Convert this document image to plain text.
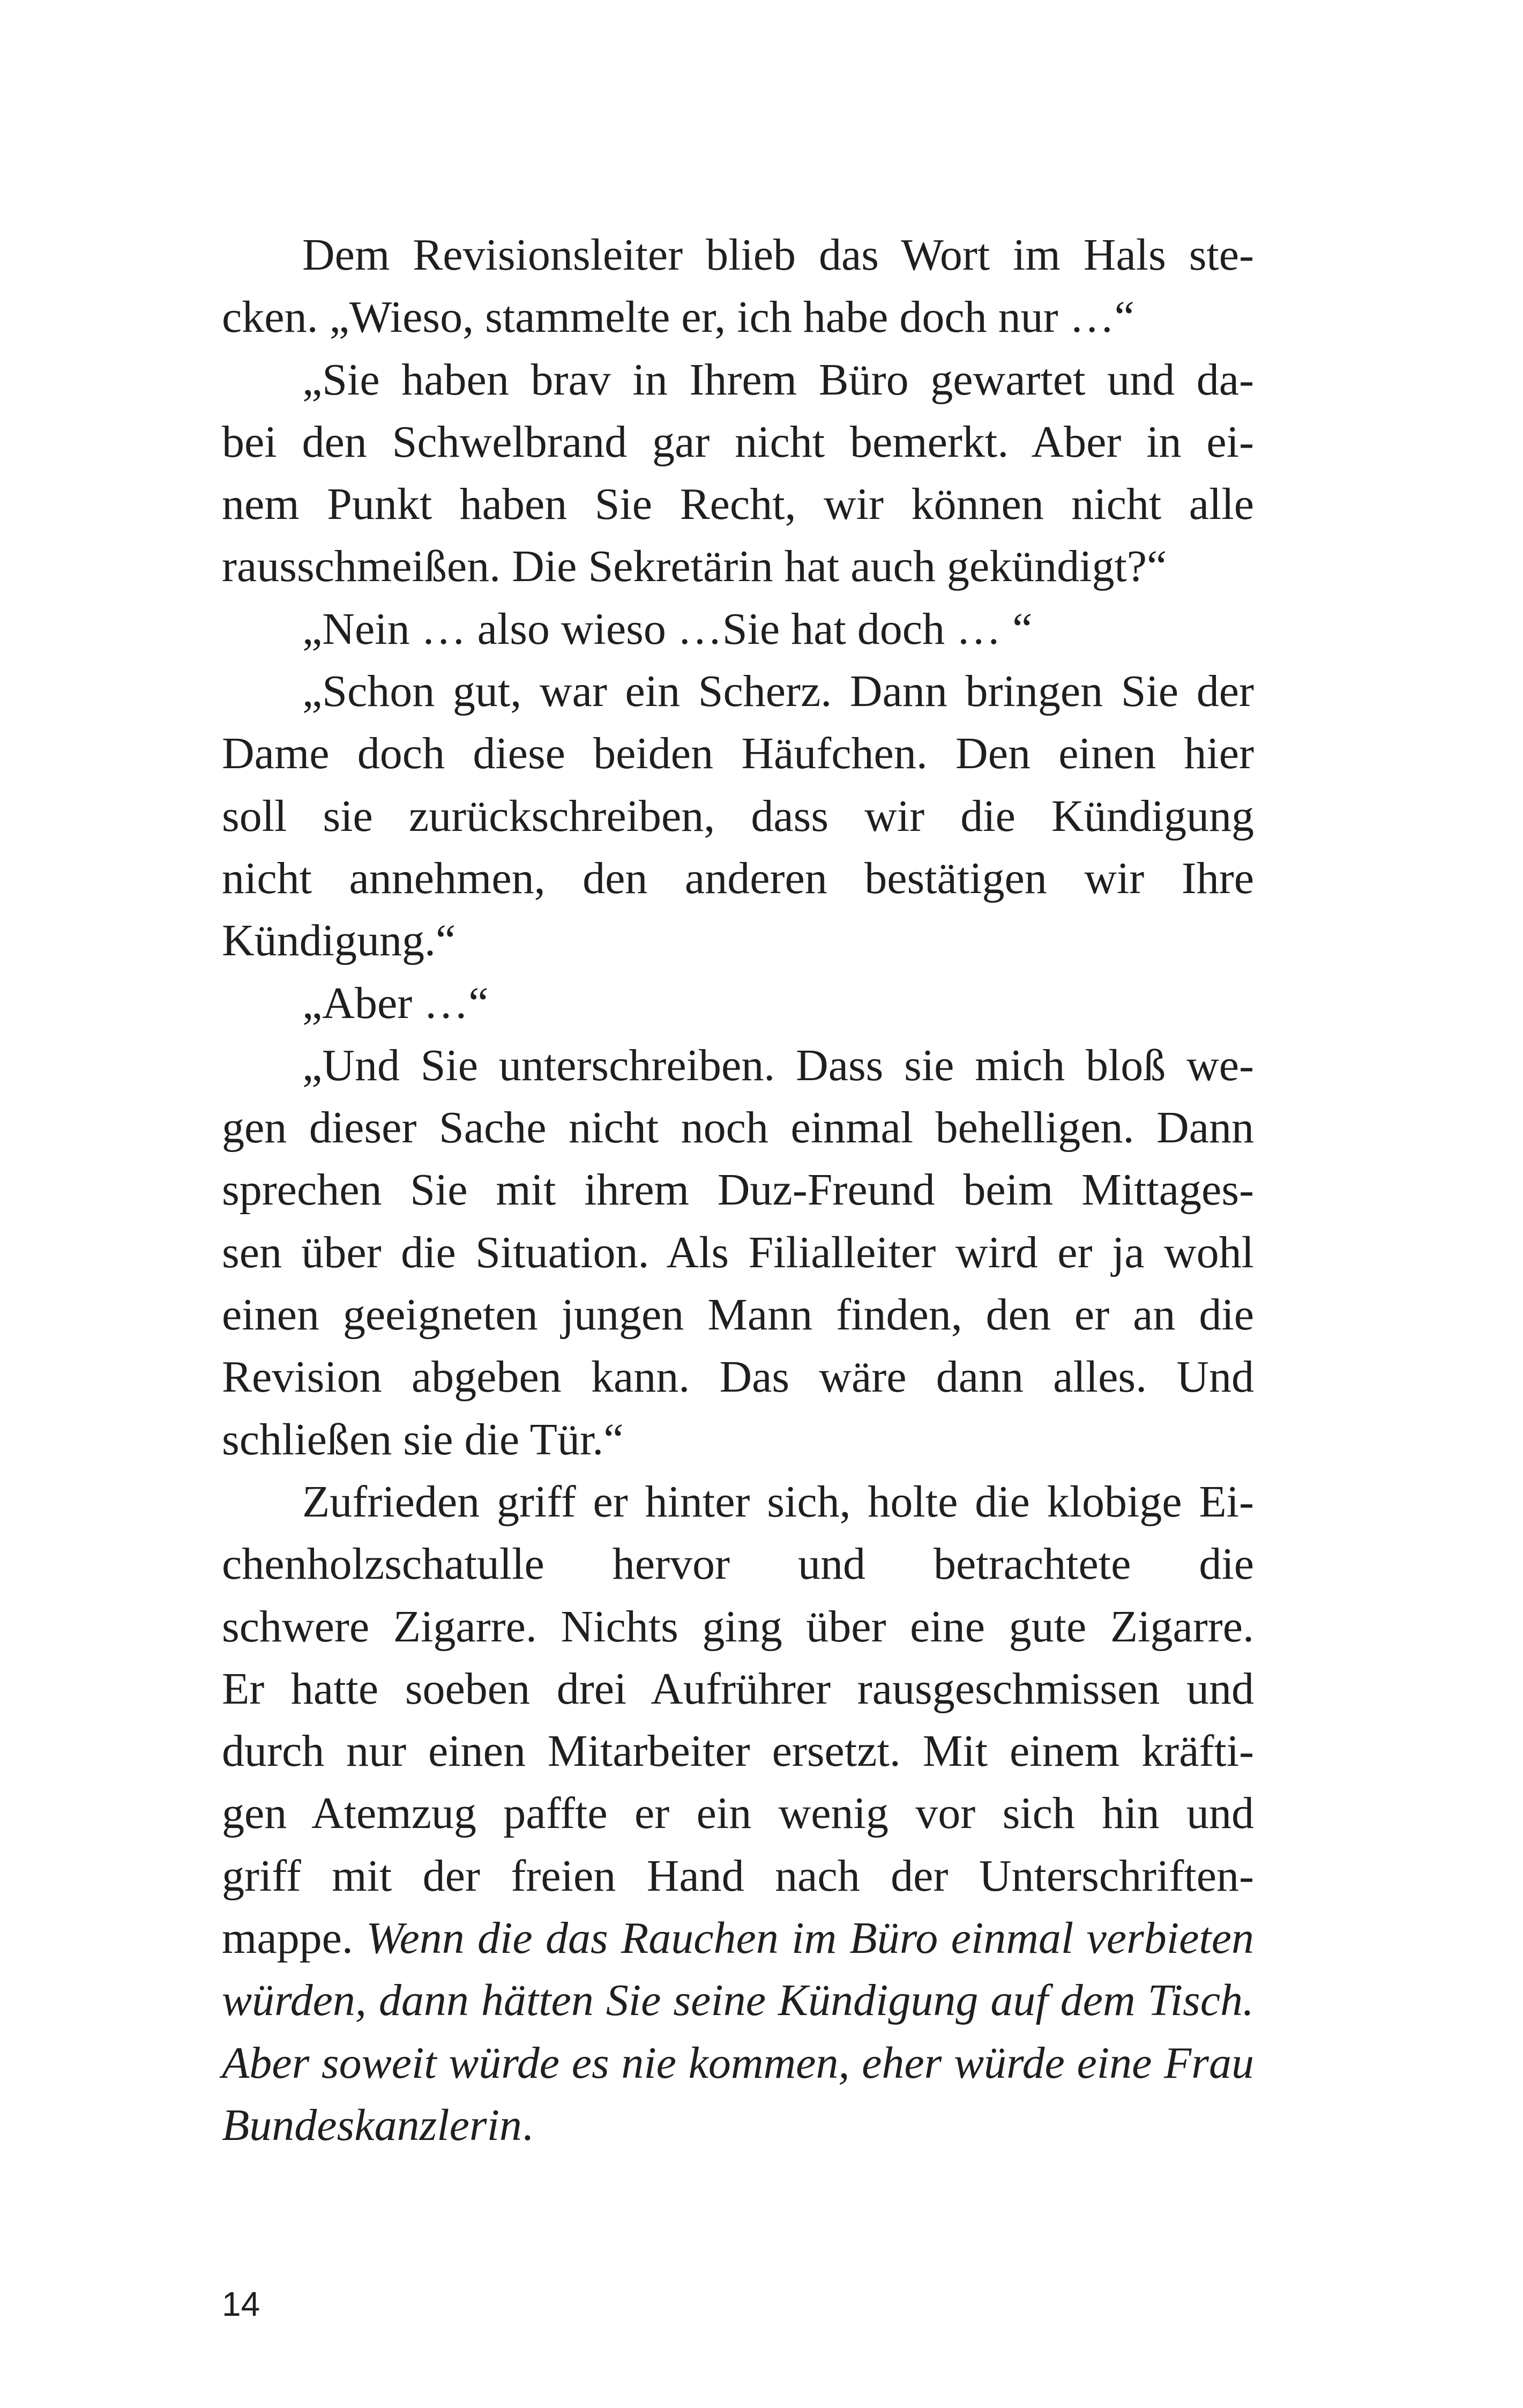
Dem Revisionsleiter blieb das Wort im Hals ste-
cken. „Wieso, stammelte er, ich habe doch nur …“
„Sie haben brav in Ihrem Büro gewartet und da-
bei den Schwelbrand gar nicht bemerkt. Aber in ei-
nem Punkt haben Sie Recht, wir können nicht alle
rausschmeißen. Die Sekretärin hat auch gekündigt?“
„Nein … also wieso …Sie hat doch … “
„Schon gut, war ein Scherz. Dann bringen Sie der
Dame doch diese beiden Häufchen. Den einen hier
soll sie zurückschreiben, dass wir die Kündigung
nicht annehmen, den anderen bestätigen wir Ihre
Kündigung.“
„Aber …“
„Und Sie unterschreiben. Dass sie mich bloß we-
gen dieser Sache nicht noch einmal behelligen. Dann
sprechen Sie mit ihrem Duz-Freund beim Mittages-
sen über die Situation. Als Filialleiter wird er ja wohl
einen geeigneten jungen Mann finden, den er an die
Revision abgeben kann. Das wäre dann alles. Und
schließen sie die Tür.“
Zufrieden griff er hinter sich, holte die klobige Ei-
chenholzschatulle hervor und betrachtete die
schwere Zigarre. Nichts ging über eine gute Zigarre.
Er hatte soeben drei Aufrührer rausgeschmissen und
durch nur einen Mitarbeiter ersetzt. Mit einem kräfti-
gen Atemzug paffte er ein wenig vor sich hin und
griff mit der freien Hand nach der Unterschriften-
mappe. Wenn die das Rauchen im Büro einmal verbieten
würden, dann hätten Sie seine Kündigung auf dem Tisch.
Aber soweit würde es nie kommen, eher würde eine Frau
Bundeskanzlerin.
14
